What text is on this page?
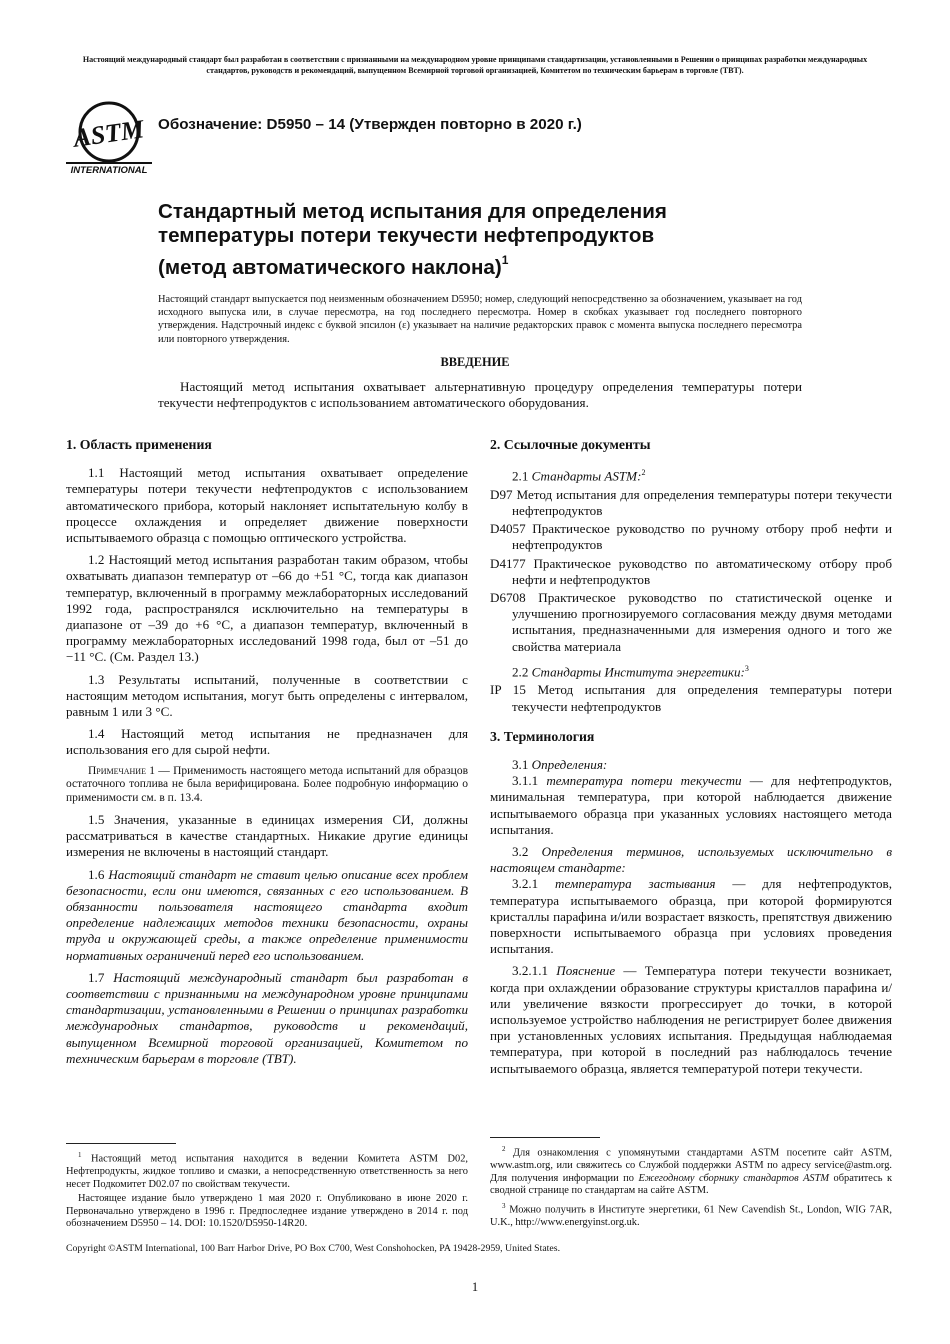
Настоящий международный стандарт был разработан в соответствии с признанными на международном уровне принципами стандартизации, установленными в Решении о принципах разработки международных стандартов, руководств и рекомендаций, выпущенном Всемирной торговой организацией, Комитетом по техническим барьерам в торговле (TBT).
ASTM
INTERNATIONAL
Обозначение: D5950 – 14 (Утвержден повторно в 2020 г.)
Стандартный метод испытания для определения
температуры потери текучести нефтепродуктов
(метод автоматического наклона)$^1$
Настоящий стандарт выпускается под неизменным обозначением D5950; номер, следующий непосредственно за обозначением, указывает на год исходного выпуска или, в случае пересмотра, на год последнего пересмотра. Номер в скобках указывает год последнего повторного утверждения. Надстрочный индекс с буквой эпсилон (ε) указывает на наличие редакторских правок с момента выпуска последнего пересмотра или повторного утверждения.
ВВЕДЕНИЕ
Настоящий метод испытания охватывает альтернативную процедуру определения температуры потери текучести нефтепродуктов с использованием автоматического оборудования.

1. Область применения

1.1 Настоящий метод испытания охватывает определение температуры потери текучести нефтепродуктов с использованием автоматического прибора, который наклоняет испытательную колбу в процессе охлаждения и определяет движение поверхности испытываемого образца с помощью оптического устройства.

1.2 Настоящий метод испытания разработан таким образом, чтобы охватывать диапазон температур от –66 до +51 °C, тогда как диапазон температур, включенный в программу межлабораторных исследований 1992 года, распространялся исключительно на температуры в диапазоне от –39 до +6 °C, а диапазон температур, включенный в программу межлабораторных исследований 1998 года, был от –51 до −11 °C. (См. Раздел 13.)

1.3 Результаты испытаний, полученные в соответствии с настоящим методом испытания, могут быть определены с интервалом, равным 1 или 3 °C.

1.4 Настоящий метод испытания не предназначен для использования его для сырой нефти.

Примечание 1 — Применимость настоящего метода испытаний для образцов остаточного топлива не была верифицирована. Более подробную информацию о применимости см. в п. 13.4.

1.5 Значения, указанные в единицах измерения СИ, должны рассматриваться в качестве стандартных. Никакие другие единицы измерения не включены в настоящий стандарт.

1.6 Настоящий стандарт не ставит целью описание всех проблем безопасности, если они имеются, связанных с его использованием. В обязанности пользователя настоящего стандарта входит определение надлежащих методов техники безопасности, охраны труда и окружающей среды, а также определение применимости нормативных ограничений перед его использованием.

1.7 Настоящий международный стандарт был разработан в соответствии с признанными на международном уровне принципами стандартизации, установленными в Решении о принципах разработки международных стандартов, руководств и рекомендаций, выпущенном Всемирной торговой организацией, Комитетом по техническим барьерам в торговле (TBT).

$^1$ Настоящий метод испытания находится в ведении Комитета ASTM D02, Нефтепродукты, жидкое топливо и смазки, а непосредственную ответственность за него несет Подкомитет D02.07 по свойствам текучести.

Настоящее издание было утверждено 1 мая 2020 г. Опубликовано в июне 2020 г. Первоначально утверждено в 1996 г. Предпоследнее издание утверждено в 2014 г. под обозначением D5950 – 14. DOI: 10.1520/D5950-14R20.

2. Ссылочные документы

2.1 Стандарты ASTM:$^2$

D97 Метод испытания для определения температуры потери текучести нефтепродуктов

D4057 Практическое руководство по ручному отбору проб нефти и нефтепродуктов

D4177 Практическое руководство по автоматическому отбору проб нефти и нефтепродуктов

D6708 Практическое руководство по статистической оценке и улучшению прогнозируемого согласования между двумя методами испытания, предназначенными для измерения одного и того же свойства материала

2.2 Стандарты Института энергетики:$^3$

IP 15 Метод испытания для определения температуры потери текучести нефтепродуктов

3. Терминология

3.1 Определения:

3.1.1 температура потери текучести — для нефтепродуктов, минимальная температура, при которой наблюдается движение испытываемого образца при указанных условиях настоящего метода испытания.

3.2 Определения терминов, используемых исключительно в настоящем стандарте:

3.2.1 температура застывания — для нефтепродуктов, температура испытываемого образца, при которой формируются кристаллы парафина и/или возрастает вязкость, препятствуя движению поверхности испытываемого образца при условиях проведения испытания.

3.2.1.1 Пояснение — Температура потери текучести возникает, когда при охлаждении образование структуры кристаллов парафина и/или увеличение вязкости прогрессирует до точки, в которой используемое устройство наблюдения не регистрирует более движения при установленных условиях испытания. Предыдущая наблюдаемая температура, при которой в последний раз наблюдалось течение испытываемого образца, является температурой потери текучести.

$^2$ Для ознакомления с упомянутыми стандартами ASTM посетите сайт ASTM, www.astm.org, или свяжитесь со Службой поддержки ASTM по адресу service@astm.org. Для получения информации по Ежегодному сборнику стандартов ASTM обратитесь к сводной странице по стандартам на сайте ASTM.

$^3$ Можно получить в Институте энергетики, 61 New Cavendish St., London, WIG 7AR, U.K., http://www.energyinst.org.uk.

Copyright ©ASTM International, 100 Barr Harbor Drive, PO Box C700, West Conshohocken, PA 19428-2959, United States.
1
